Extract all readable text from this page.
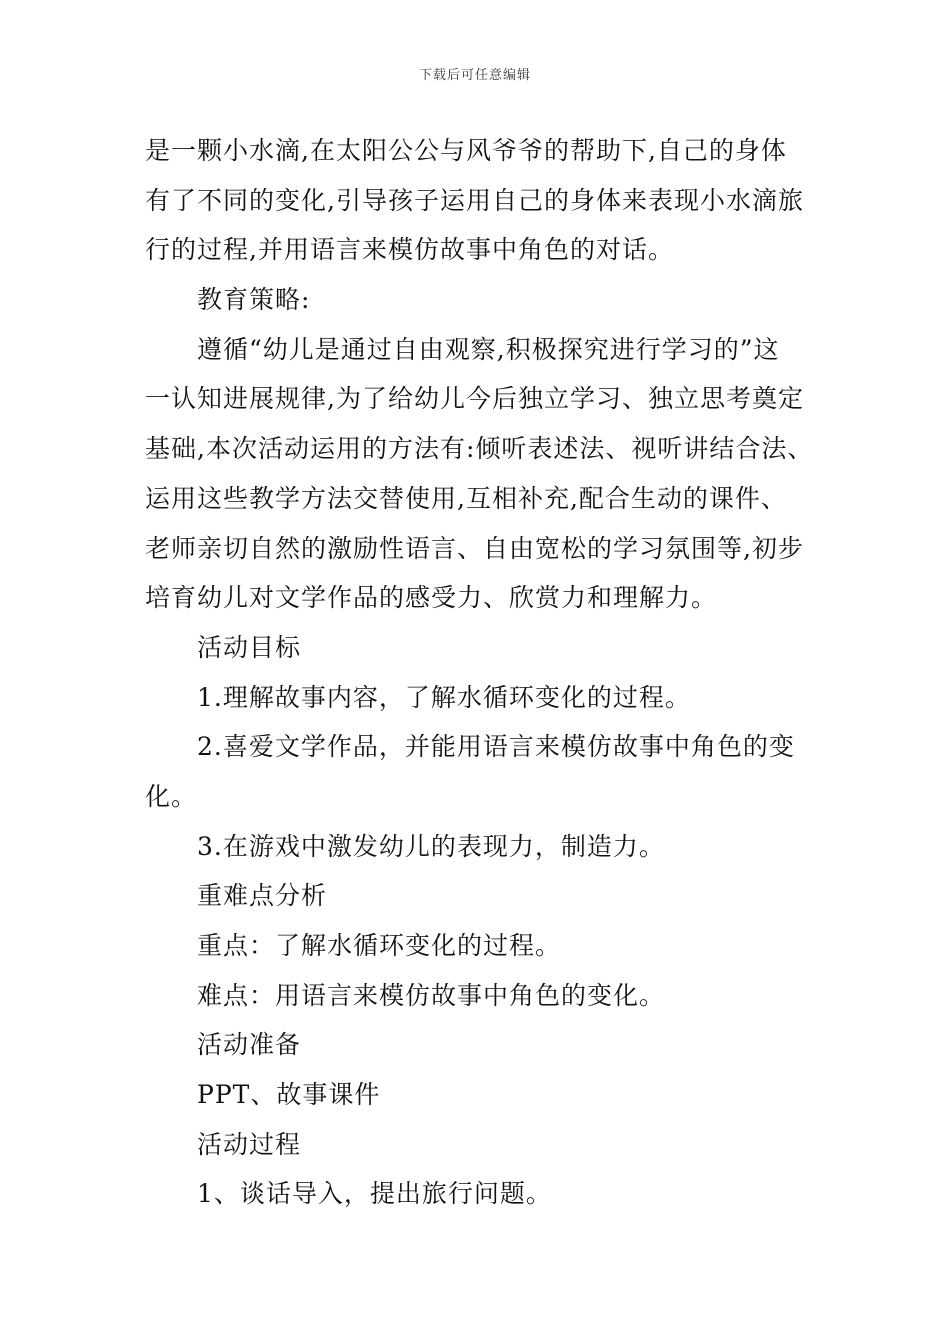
下载后可任意编辑
是一颗小水滴,在太阳公公与风爷爷的帮助下,自己的身体
有了不同的变化,引导孩子运用自己的身体来表现小水滴旅
行的过程,并用语言来模仿故事中角色的对话。
教育策略:
遵循“幼儿是通过自由观察,积极探究进行学习的”这
一认知进展规律,为了给幼儿今后独立学习、独立思考奠定
基础,本次活动运用的方法有:倾听表述法、视听讲结合法、
运用这些教学方法交替使用,互相补充,配合生动的课件、
老师亲切自然的激励性语言、自由宽松的学习氛围等,初步
培育幼儿对文学作品的感受力、欣赏力和理解力。
活动目标
1.理解故事内容，了解水循环变化的过程。
2.喜爱文学作品，并能用语言来模仿故事中角色的变
化。
3.在游戏中激发幼儿的表现力，制造力。
重难点分析
重点：了解水循环变化的过程。
难点：用语言来模仿故事中角色的变化。
活动准备
PPT、故事课件
活动过程
1、谈话导入，提出旅行问题。
